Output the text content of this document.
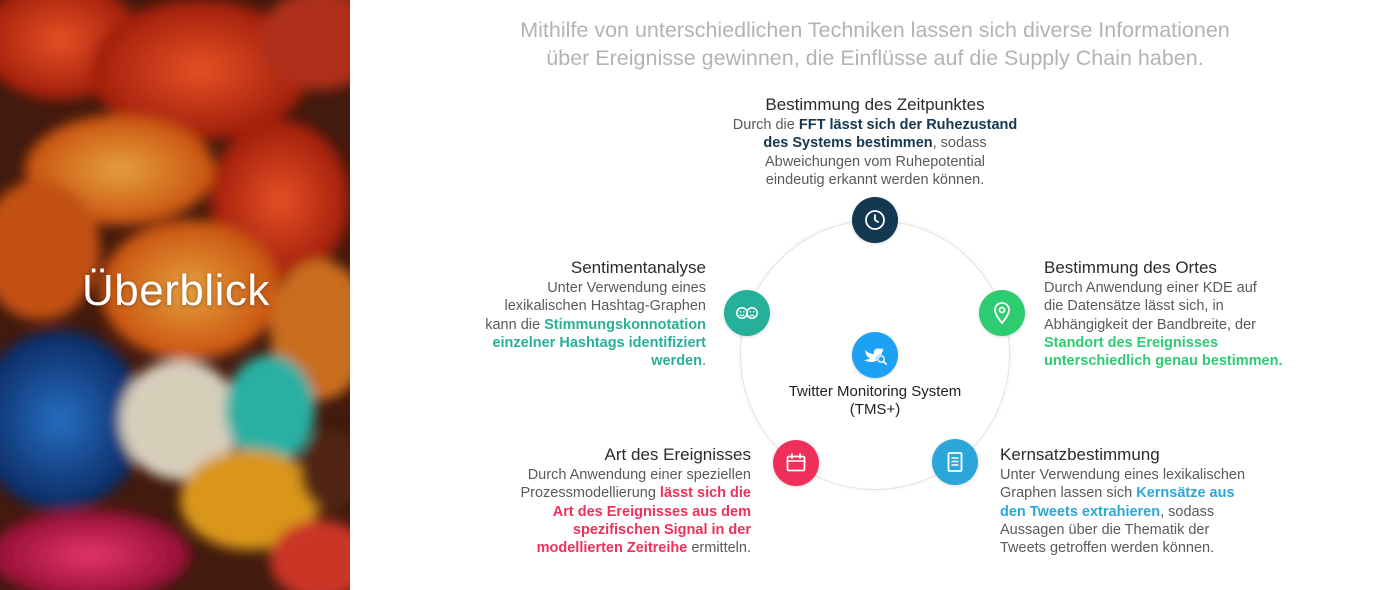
Überblick
Mithilfe von unterschiedlichen Techniken lassen sich diverse Informationen
über Ereignisse gewinnen, die Einflüsse auf die Supply Chain haben.
Twitter Monitoring System
(TMS+)
Bestimmung des Zeitpunktes
Durch die FFT lässt sich der Ruhezustand
des Systems bestimmen, sodass
Abweichungen vom Ruhepotential
eindeutig erkannt werden können.
Bestimmung des Ortes
Durch Anwendung einer KDE auf
die Datensätze lässt sich, in
Abhängigkeit der Bandbreite, der
Standort des Ereignisses
unterschiedlich genau bestimmen.
Kernsatzbestimmung
Unter Verwendung eines lexikalischen
Graphen lassen sich Kernsätze aus
den Tweets extrahieren, sodass
Aussagen über die Thematik der
Tweets getroffen werden können.
Art des Ereignisses
Durch Anwendung einer speziellen
Prozessmodellierung lässt sich die
Art des Ereignisses aus dem
spezifischen Signal in der
modellierten Zeitreihe ermitteln.
Sentimentanalyse
Unter Verwendung eines
lexikalischen Hashtag-Graphen
kann die Stimmungskonnotation
einzelner Hashtags identifiziert
werden.
